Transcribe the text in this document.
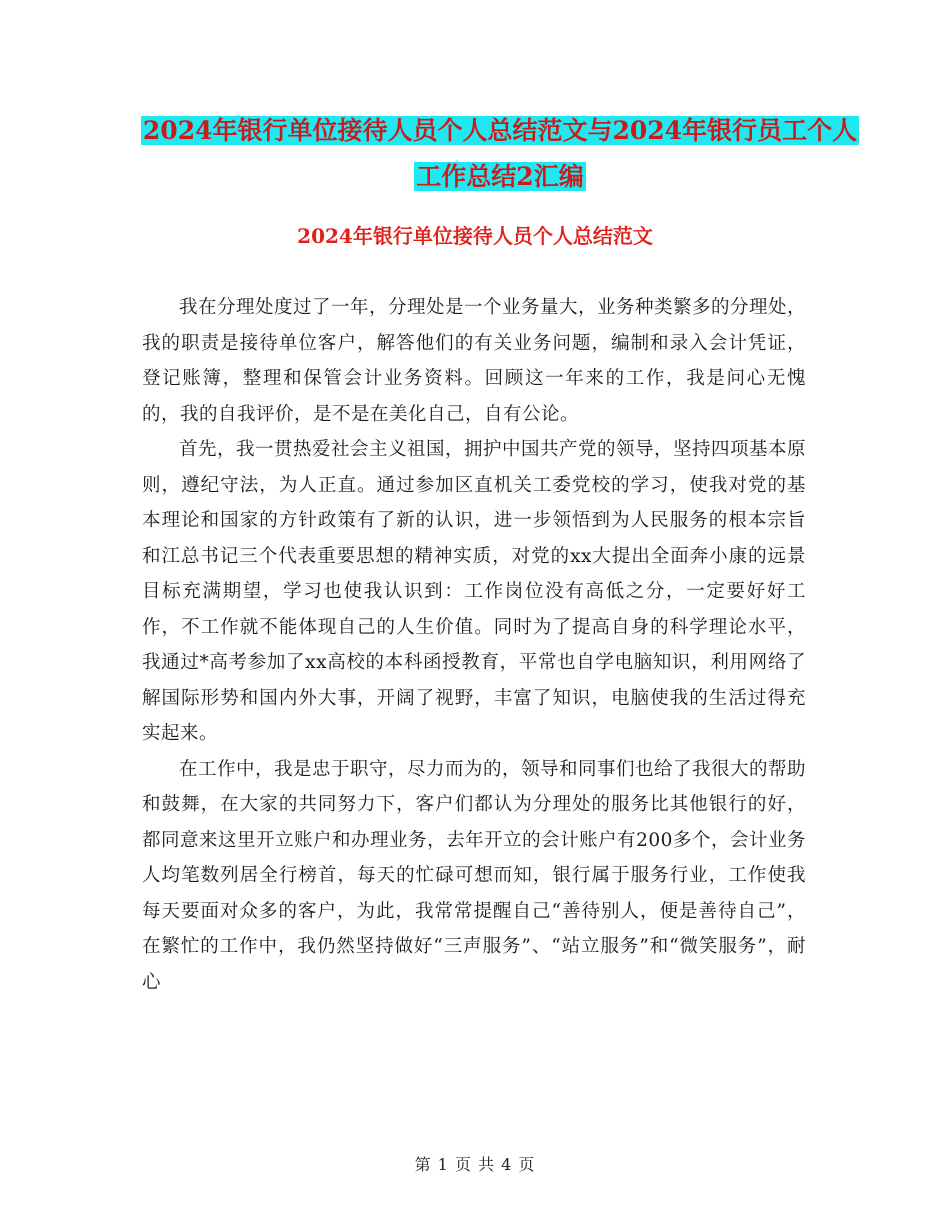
2024年银行单位接待人员个人总结范文与2024年银行员工个人工作总结2汇编
2024年银行单位接待人员个人总结范文

我在分理处度过了一年，分理处是一个业务量大，业务种类繁多的分理处，我的职责是接待单位客户，解答他们的有关业务问题，编制和录入会计凭证，登记账簿，整理和保管会计业务资料。回顾这一年来的工作，我是问心无愧的，我的自我评价，是不是在美化自己，自有公论。

首先，我一贯热爱社会主义祖国，拥护中国共产党的领导，坚持四项基本原则，遵纪守法，为人正直。通过参加区直机关工委党校的学习，使我对党的基本理论和国家的方针政策有了新的认识，进一步领悟到为人民服务的根本宗旨和江总书记三个代表重要思想的精神实质，对党的xx大提出全面奔小康的远景目标充满期望，学习也使我认识到：工作岗位没有高低之分，一定要好好工作，不工作就不能体现自己的人生价值。同时为了提高自身的科学理论水平，我通过*高考参加了xx高校的本科函授教育，平常也自学电脑知识，利用网络了解国际形势和国内外大事，开阔了视野，丰富了知识，电脑使我的生活过得充实起来。

在工作中，我是忠于职守，尽力而为的，领导和同事们也给了我很大的帮助和鼓舞，在大家的共同努力下，客户们都认为分理处的服务比其他银行的好，都同意来这里开立账户和办理业务，去年开立的会计账户有200多个，会计业务人均笔数列居全行榜首，每天的忙碌可想而知，银行属于服务行业，工作使我每天要面对众多的客户，为此，我常常提醒自己“善待别人，便是善待自己”，在繁忙的工作中，我仍然坚持做好“三声服务”、“站立服务”和“微笑服务”，耐心

第 1 页 共 4 页
